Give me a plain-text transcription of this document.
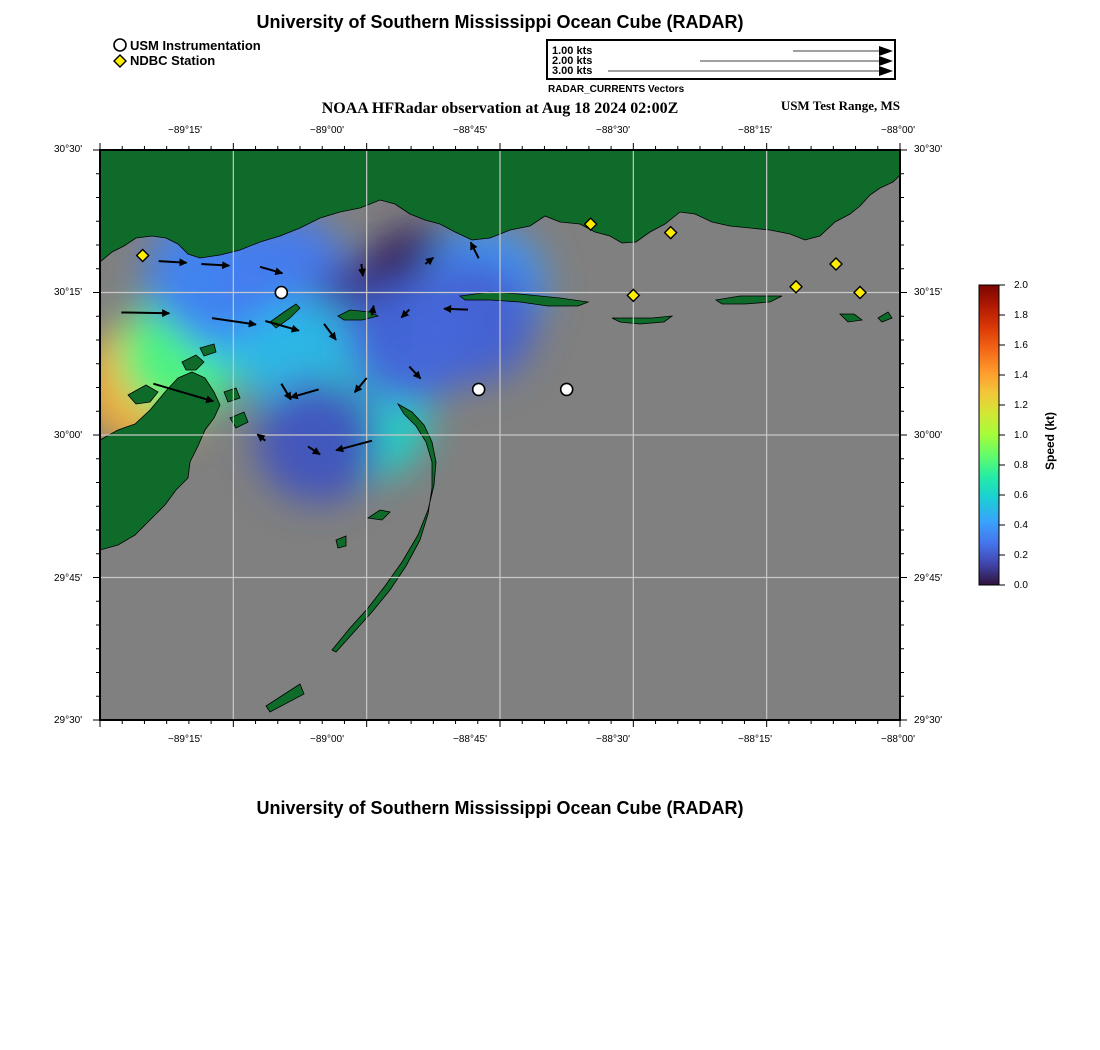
University of Southern Mississippi Ocean Cube (RADAR)
USM Instrumentation
NDBC Station
1.00 kts
2.00 kts
3.00 kts
RADAR_CURRENTS Vectors
NOAA HFRadar observation at Aug 18 2024 02:00Z	USM Test Range, MS
−89°15'	−89°00'	−88°45'	−88°30'	−88°15'	−88°00'
−89°15'	−89°00'	−88°45'	−88°30'	−88°15'	−88°00'
30°30'
30°15'
30°00'
29°45'
29°30'
30°30'
30°15'
30°00'
29°45'
29°30'
2.0
1.8
1.6
1.4
1.2
1.0
0.8
0.6
0.4
0.2
0.0
Speed (kt)
University of Southern Mississippi Ocean Cube (RADAR)
